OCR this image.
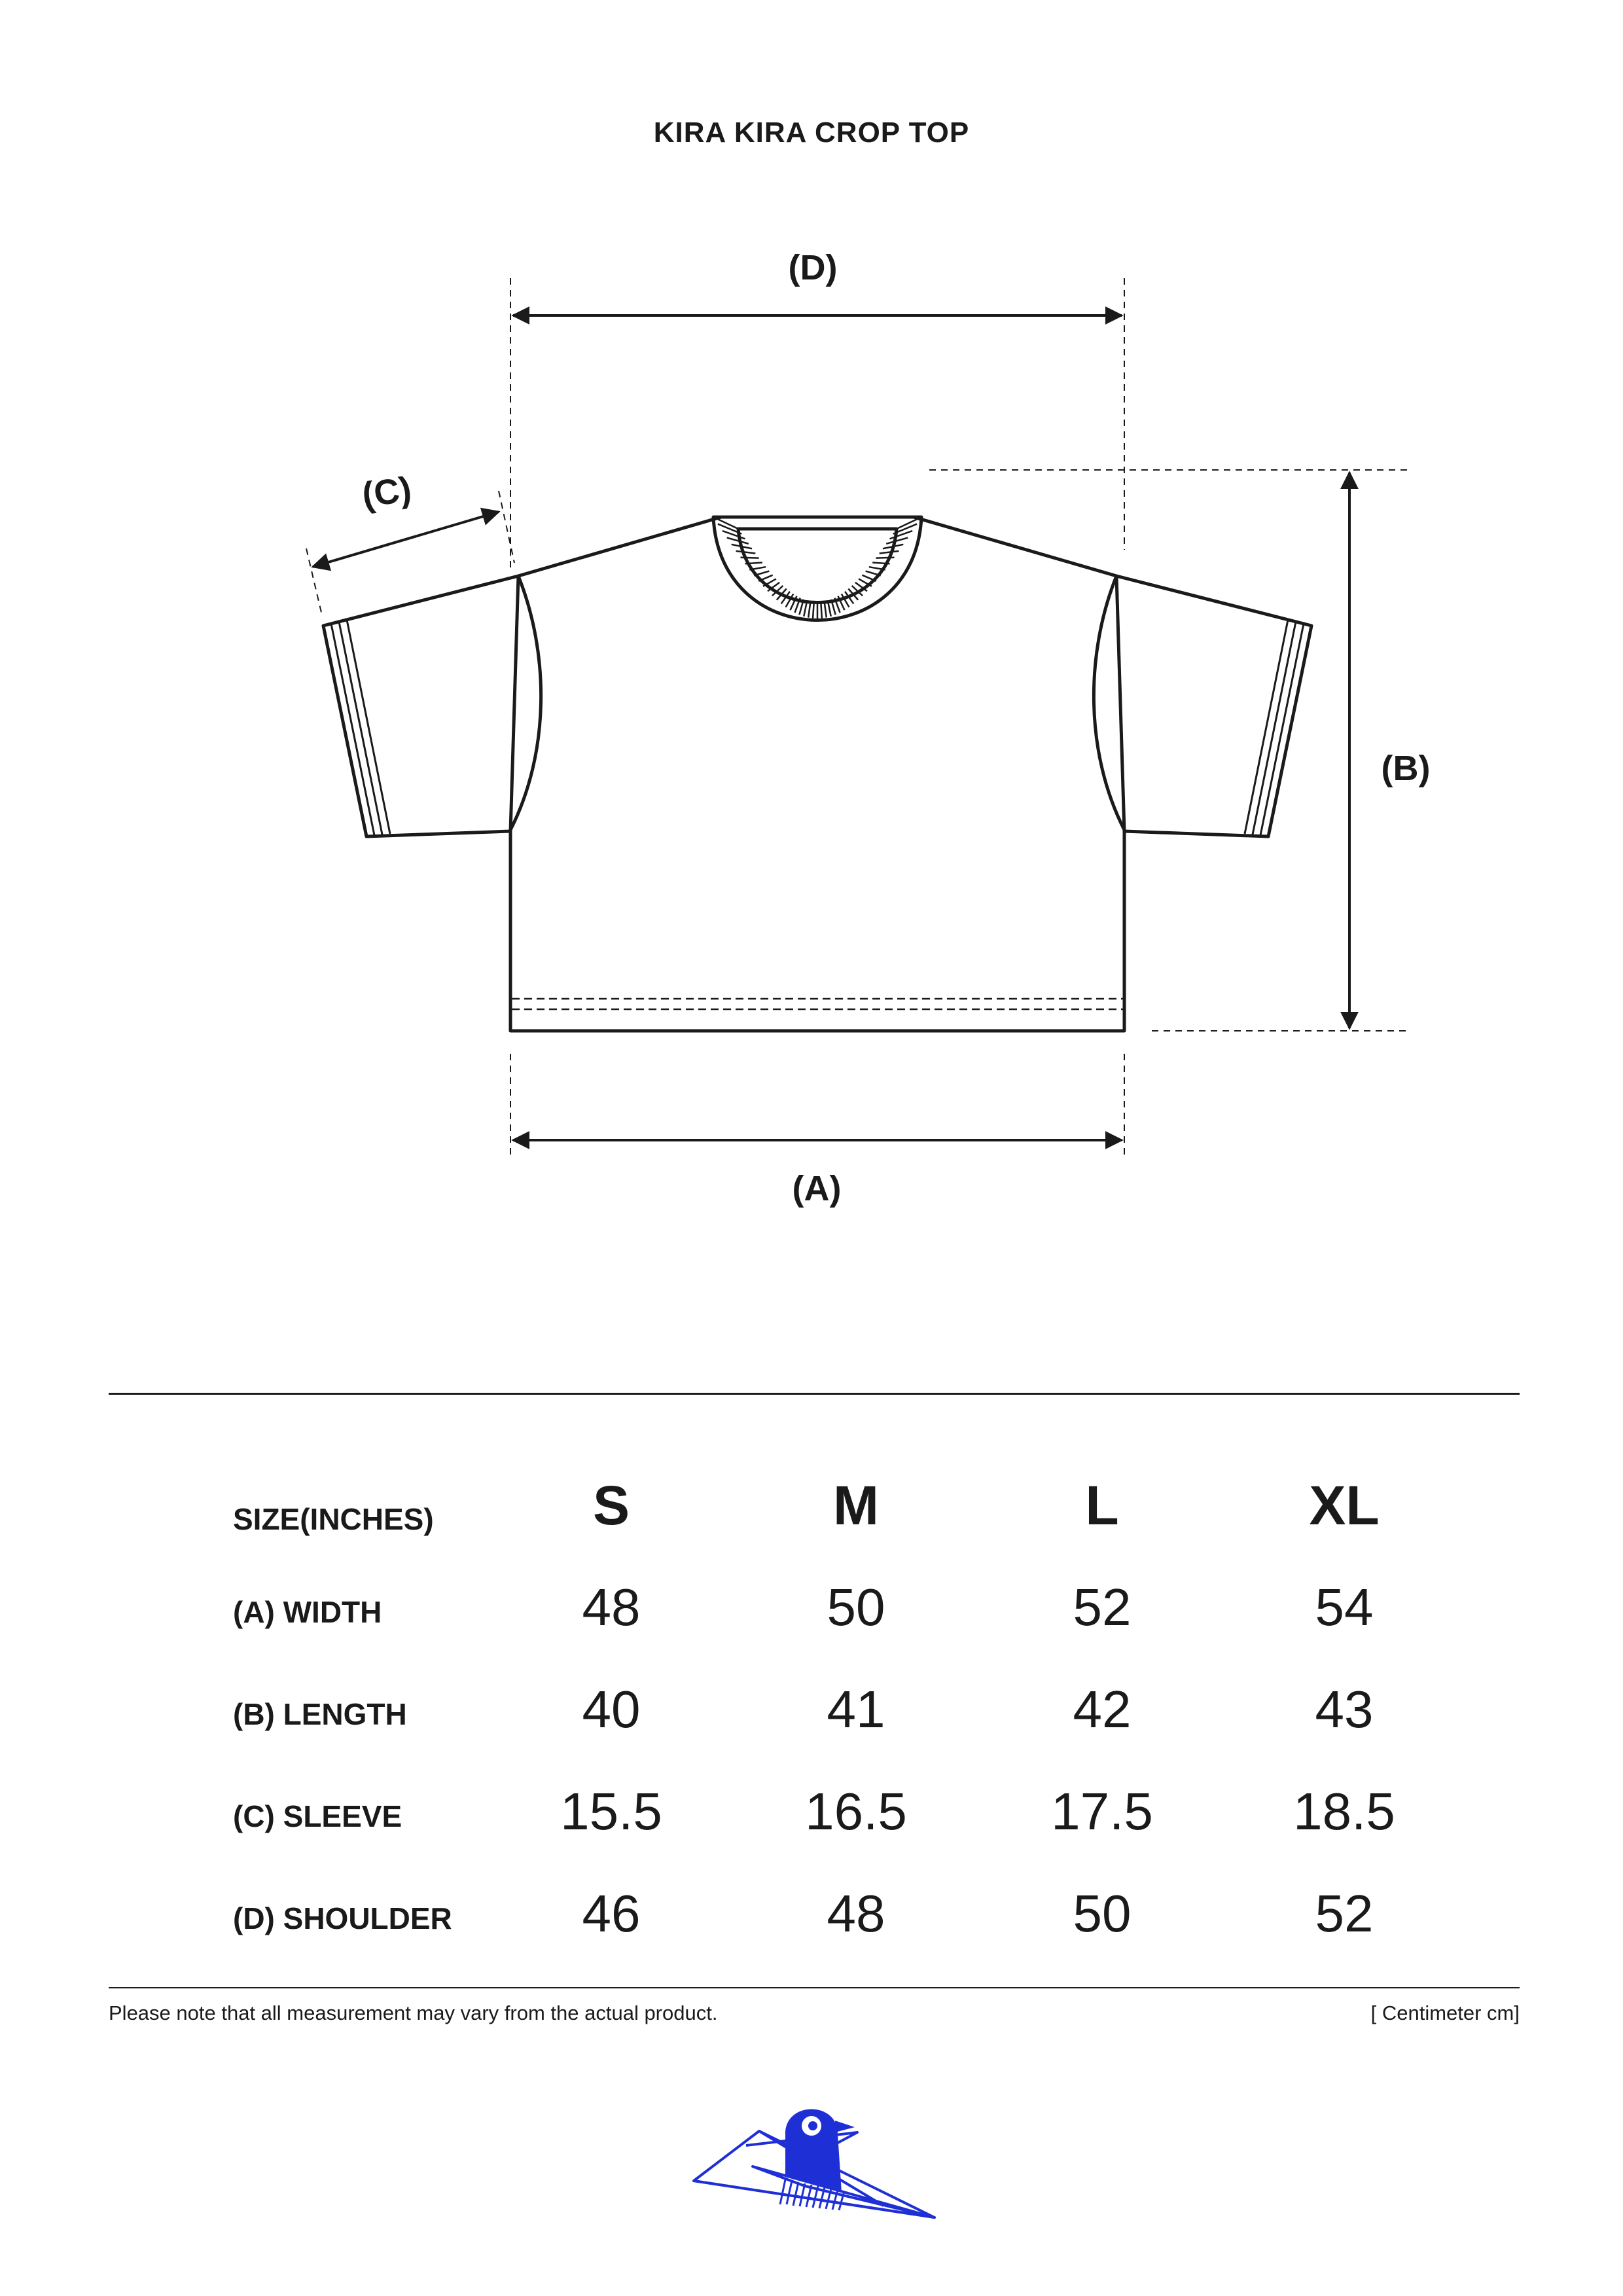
KIRA KIRA CROP TOP
(D)
(A)
(B)
(C)
SIZE(INCHES)	S	M	L	XL
(A) WIDTH	48	50	52	54
(B) LENGTH	40	41	42	43
(C) SLEEVE	15.5	16.5	17.5	18.5
(D) SHOULDER	46	48	50	52
Please note that all measurement may vary from the actual product.	[ Centimeter cm]
